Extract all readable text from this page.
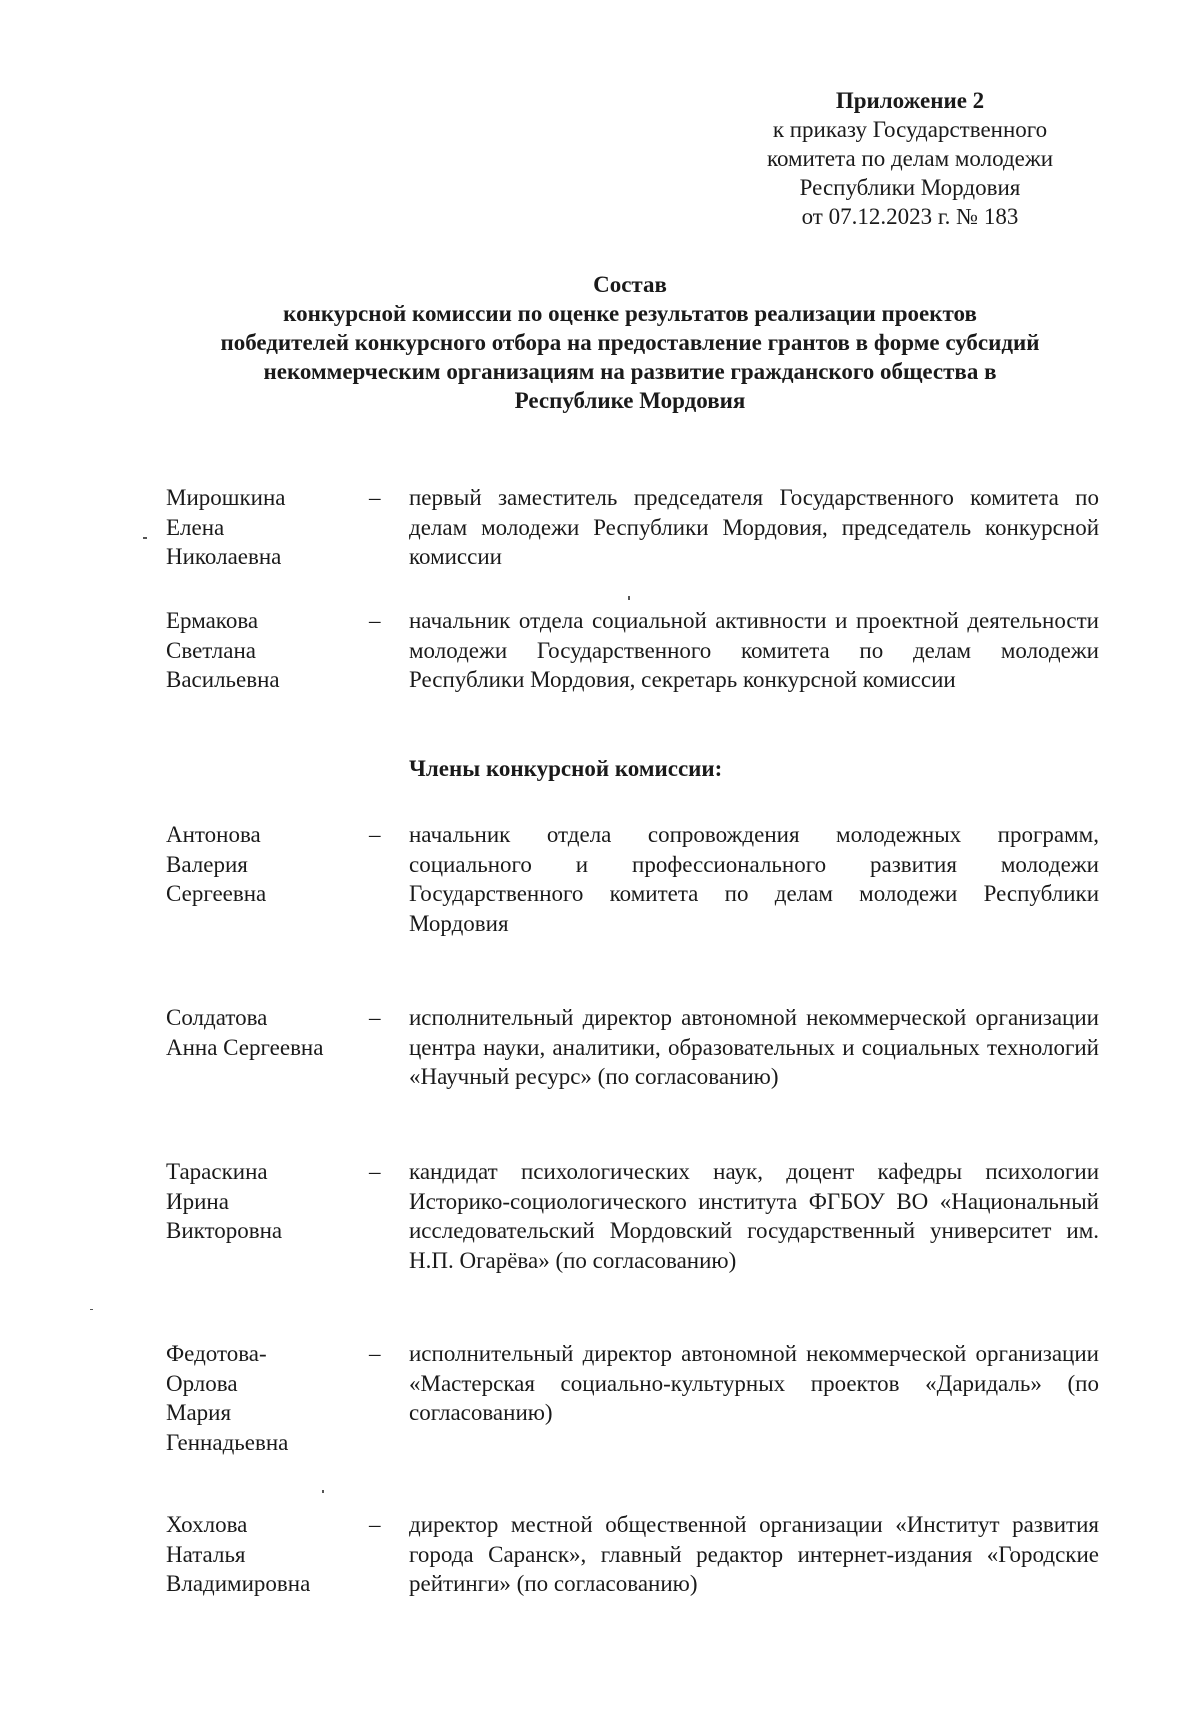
Приложение 2
к приказу Государственного
комитета по делам молодежи
Республики Мордовия
от 07.12.2023 г. № 183
Состав
конкурсной комиссии по оценке результатов реализации проектов
победителей конкурсного отбора на предоставление грантов в форме субсидий
некоммерческим организациям на развитие гражданского общества в
Республике Мордовия
Мирошкина
Елена
Николаевна
– первый заместитель председателя Государственного комитета по делам молодежи Республики Мордовия, председатель конкурсной комиссии
Ермакова
Светлана
Васильевна
– начальник отдела социальной активности и проектной деятельности молодежи Государственного комитета по делам молодежи Республики Мордовия, секретарь конкурсной комиссии
Члены конкурсной комиссии:
Антонова
Валерия
Сергеевна
– начальник отдела сопровождения молодежных программ, социального и профессионального развития молодежи Государственного комитета по делам молодежи Республики Мордовия
Солдатова
Анна Сергеевна
– исполнительный директор автономной некоммерческой организации центра науки, аналитики, образовательных и социальных технологий «Научный ресурс» (по согласованию)
Тараскина
Ирина
Викторовна
– кандидат психологических наук, доцент кафедры психологии Историко-социологического института ФГБОУ ВО «Национальный исследовательский Мордовский государственный университет им. Н.П. Огарёва» (по согласованию)
Федотова-
Орлова
Мария
Геннадьевна
– исполнительный директор автономной некоммерческой организации «Мастерская социально-культурных проектов «Даридаль» (по согласованию)
Хохлова
Наталья
Владимировна
– директор местной общественной организации «Институт развития города Саранск», главный редактор интернет-издания «Городские рейтинги» (по согласованию)
